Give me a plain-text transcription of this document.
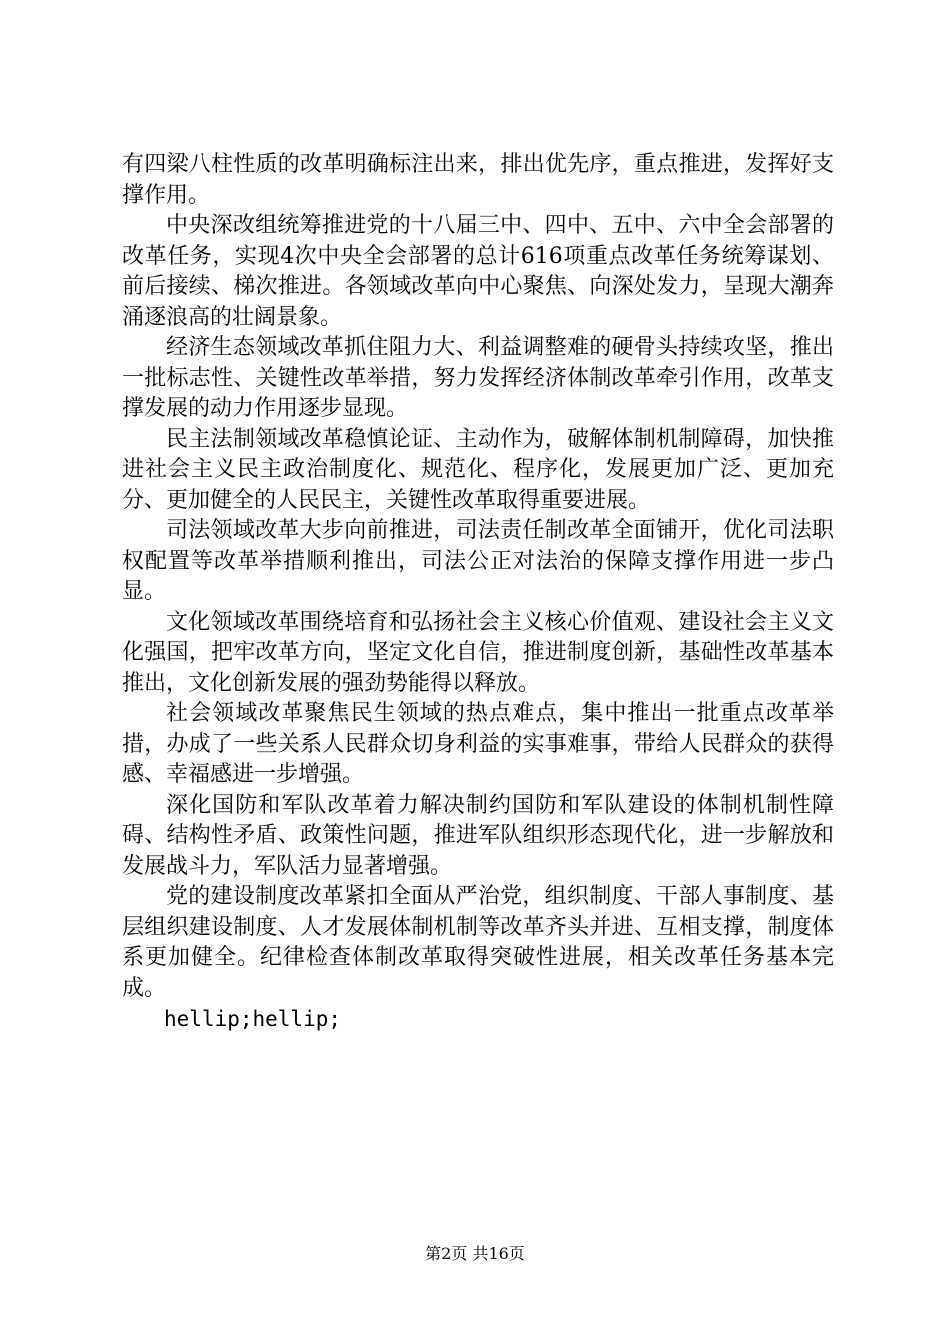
有四梁八柱性质的改革明确标注出来，排出优先序，重点推进，发挥好支撑作用。

中央深改组统筹推进党的十八届三中、四中、五中、六中全会部署的改革任务，实现4次中央全会部署的总计616项重点改革任务统筹谋划、前后接续、梯次推进。各领域改革向中心聚焦、向深处发力，呈现大潮奔涌逐浪高的壮阔景象。

经济生态领域改革抓住阻力大、利益调整难的硬骨头持续攻坚，推出一批标志性、关键性改革举措，努力发挥经济体制改革牵引作用，改革支撑发展的动力作用逐步显现。

民主法制领域改革稳慎论证、主动作为，破解体制机制障碍，加快推进社会主义民主政治制度化、规范化、程序化，发展更加广泛、更加充分、更加健全的人民民主，关键性改革取得重要进展。

司法领域改革大步向前推进，司法责任制改革全面铺开，优化司法职权配置等改革举措顺利推出，司法公正对法治的保障支撑作用进一步凸显。

文化领域改革围绕培育和弘扬社会主义核心价值观、建设社会主义文化强国，把牢改革方向，坚定文化自信，推进制度创新，基础性改革基本推出，文化创新发展的强劲势能得以释放。

社会领域改革聚焦民生领域的热点难点，集中推出一批重点改革举措，办成了一些关系人民群众切身利益的实事难事，带给人民群众的获得感、幸福感进一步增强。

深化国防和军队改革着力解决制约国防和军队建设的体制机制性障碍、结构性矛盾、政策性问题，推进军队组织形态现代化，进一步解放和发展战斗力，军队活力显著增强。

党的建设制度改革紧扣全面从严治党，组织制度、干部人事制度、基层组织建设制度、人才发展体制机制等改革齐头并进、互相支撑，制度体系更加健全。纪律检查体制改革取得突破性进展，相关改革任务基本完成。

hellip;hellip;

第2页 共16页
